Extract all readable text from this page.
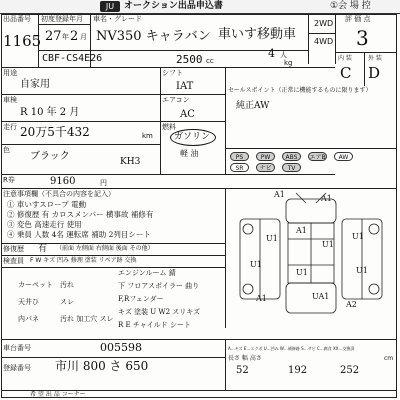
JU	オークション出品申込書	①会 場 控
出品番号
1165
初度登録年月
27 年 2 月
車名・グレード
NV350 キャラバン 車いす移動車
2WD
4WD
評 価 点
3
CBF-CS4E26	2500 cc
4 人
kg
内 装	外 装
C D
用途
自家用
シフト
IAT
車検
R 10 年 2 月
エアコン
AC
走行 20万5千432	km
燃料
ガソリン
軽 油
色
ブラック	KH3
R券	9160	円
セールスポイント（正常に機能するものに限ります）
純正AW
PS	PW	ABS	エアB	AW
SR	ナビ	TV
注意事項欄（不具合の内容を記入）
① 車いすスロープ 電動
② 修復歴 有 カロスメンバー 横事故 補修有
③ 変色 高速走行 使用
④ 乗員 人数 4名 運転席 補助 2列目シート
修復歴 有 （前面 左側面 右側面 後面 その他）
検査員 F W キズ 凹み 修理 塗装 リペア跡 交換
カーペット 汚れ
天井ひ	スレ
内パネ	汚れ 加工穴 スレ
エンジンルーム 錆
下 フロアスポイラー 曲り
F,Rフェンダー
キズ 塗装 U W2 スリキズ
R E チャイルド シート
A1	A1
A1
U1
U1
U1
U1
U1	U1
A1
A2
UA1
A…キズ E…エクボ U…凹み W…補修跡 S…サビ C…腐食 XX…交換済
車台番号	005598
登録番号 市川 800 さ 650
長さ 幅 高さ	cm
52	192	252
希 望 出 品 コーナー
